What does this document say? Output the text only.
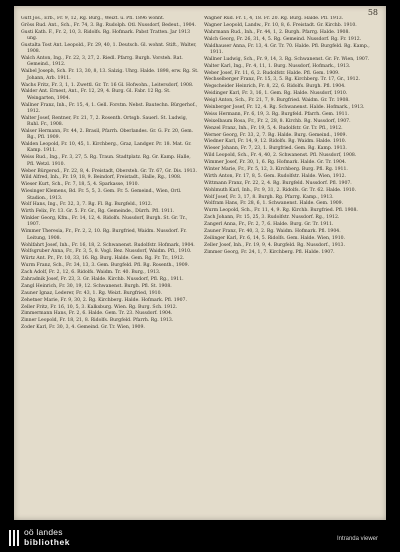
58

Gutt Jos., Erb., Fr. 9, 12, Rg. Burg., Weizt. u. Pfl. 1896 wohnt.

Gröss Rud. Ant., Sch., Fr. 74, 3. Rg. Rudolph. Otl. Nussdorf, Bedeut., 1904.

Gusti Kath. F., Fr. 2, 10, 3. Ridolfs. Rg. Hofmark. Pabst Tratten. Jar 1913 ung.

Gustalta Tost Ant. Leopold., Fr. 29, 40, 1. Deutsch. Gl. wohnt. Stift., Walter, 1908.

Walch Anton, Ing., Fr. 22, 3, 27, 2. Riedl. Pfarrg. Burgh. Vorsteh. Rat. Gemeind., 1912.

Waibel Joseph, Sch. Fr. 13, 30, 8, 13. Salzig. Uhrg. Halde. 1898, erw. Rg. St. Johann, Arb. 1911.

Wachs Fritz, Fr. 3, 1, 1. Zwettl. Gr. Tr. 16 Gl. Hofwohn., Leitersdorf, 1908.

Walder Ant. Ernest, Ant., Fr. 12, 29, 4. Burg. Gl. Fabr. 12 Rg. St. Weingarten, 1904.

Wallner Franz, Inh., Fr. 15, 4, 1. Gell. Forstm. Nebst. Bautechn. Bürgerhof., 1912.

Walter Josef, Rentner, Fr. 21, 7, 2. Rosenth. Ortsgb. Sauerl. St. Ludwig, Ruhl. Fr., 1908.

Walser Hermann, Fr. 44, 2. Brasil, Pfarrh. Oberlandes. Gr. G. Fr. 20, Gem. Rg., Pfl. 1909.

Walden Leopold, Fr. 10, 45, 1. Kirchberg., Graz, Landger. Pr. 18. Mat. Gr. Kamp. 1911.

Weiss Rud., Ing., Fr. 3, 27, 5. Rg. Traun. Stadtplatz. Rg. Gr. Kamp. Halle, Pfl. Wetzl. 1910.

Weber Bürgersd., Fr. 22, 8, 4. Freistadt, Obersteh. Gr. Tr. 67, Gr. Dis. 1913.

Wild Alfred, Inh., Fr. 19, 18, 9. Beindorf, Freistadt., Halle, Rg., 1908.

Wieser Kurt, Sch., Fr. 7, 18, 5, 4. Sparkasse, 1910.

Wiesinger Klemens, Bd. Fr. 5, 5, 3. Gem. Fr. 5. Gemeind., Wien, Ortl. Stadion., 1913.

Wolf Hans, Ing., Fr. 32, 3, 7. Rg. Fl. Rg. Burgfeld., 1912.

Wirth Felix, Fr. 13. Gr. 5. Fr. Gr., Rg. Gemeinde., Dürrh. Pfl. 1911.

Winkler Georg, Kfm., Fr. 14, 12, 4. Ridolfs. Nussdorf, Burgh. St. Gr. Tr., 1907.

Wimmer Theresia, Fr., Fr. 2, 2, 10. Rg. Burgfried, Waidm. Nussdorf. Fr. Leitung, 1908.

Wohlfahrt Josef, Inh., Fr. 16, 18, 2. Schwanenst. Rudolfstr. Hofmark, 1904.

Wolfsgruber Anna, Fr., Fr. 3, 5, 8. Vogl. Bez. Nussdorf, Waidm. Pfl., 1910.

Würtz Ant. Pr., Fr. 10, 33, 16. Rg. Burg. Halde. Gem. Rg. Fr. Tr., 1912.

Wurm Franz, Sch., Fr. 34, 13, 3. Gem. Burgfeld. Pfl. Rg. Rosenth., 1909.

Zach Adolf, Fr. 2, 12, 6. Ridolfs. Waidm. Tr. 40. Burg., 1913.

Zahradnik Josef, Fr. 23, 3. Gr. Halde. Kirchb. Nussdorf, Pfl. Rg., 1911.

Zangl Heinrich, Fr. 30, 19, 12. Schwanenst. Burgh. Pfl. St. 1908.

Zauner Ignaz, Lederer, Fr. 43, 1. Rg. Weizt. Burgfried, 1910.

Zehetner Marie, Fr. 9, 30, 2. Rg. Kirchberg. Halde. Hofmark. Pfl. 1907.

Zeller Fritz, Fr. 16, 10, 5, 3. Kalksburg. Wien. Rg. Burg. Sch. 1912.

Zimmermann Hans, Fr. 2, 6. Halde. Gem. Tr. 23. Nussdorf. 1904.

Zinner Leopold, Fr. 18, 21, 8. Ridolfs. Burgfeld. Pfarrh. Rg. 1913.

Zoder Karl, Fr. 30, 3, 4. Gemeind. Gr. Tr. Wien, 1909.

Wagner Rud. Fr. 1, 4, 18. Fr. 20. Rg. Burg. Halde. Pfl. 1913.

Wagner Leopold, Landw., Fr. 10, 8, 6. Freistadt. Gr. Kirchb. 1910.

Wahrmann Rud., Inh., Fr. 44, 1, 2. Burgh. Pfarrg. Halde. 1908.

Walch Georg, Fr. 26, 31, 4, 5. Rg. Gemeind. Nussdorf. Rg. Fr. 1912.

Waldhauser Anna, Fr. 13, 4. Gr. Tr. 70. Halde. Pfl. Burgfeld. Rg. Kamp., 1911.

Wallner Ludwig, Sch., Fr. 9, 14, 3. Rg. Schwanenst. Gr. Fr. Wien, 1907.

Walter Karl, Ing., Fr. 4, 11, 1. Burg. Nussdorf, Hofmark., 1913.

Weber Josef, Fr. 11, 6, 2. Rudolfstr. Halde. Pfl. Gem. 1909.

Wechselberger Franz, Fr. 15, 3, 5. Rg. Kirchberg. Tr. 17, Gr., 1912.

Wegscheider Heinrich, Fr. 8, 22, 6. Ridolfs. Burgh. Pfl. 1904.

Weidinger Karl, Fr. 3, 16, 1. Gem. Rg. Halde. Nussdorf, 1910.

Weigl Anton, Sch., Fr. 21, 7, 9. Burgfried. Waidm. Gr. Tr. 1908.

Weinberger Josef, Fr. 12, 4. Rg. Schwanenst. Halde. Hofmark., 1913.

Weiss Hermann, Fr. 6, 19, 3. Rg. Burgfeld. Pfarrh. Gem. 1911.

Weixelbaum Rosa, Fr., Fr. 2, 28, 8. Kirchb. Rg. Nussdorf, 1907.

Wenzel Franz, Inh., Fr. 19, 5, 4. Rudolfstr. Gr. Tr. Pfl., 1912.

Werner Georg, Fr. 33, 2, 7. Rg. Halde. Burg. Gemeind., 1909.

Wiedner Karl, Fr. 14, 9, 12. Ridolfs. Rg. Waidm. Halde. 1910.

Wieser Johann, Fr. 7, 23, 1. Burgfried. Gem. Rg. Kamp. 1913.

Wild Leopold, Sch., Fr. 4, 40, 2. Schwanenst. Pfl. Nussdorf, 1908.

Wimmer Josef, Fr. 30, 1, 6. Rg. Hofmark. Halde. Gr. Tr. 1904.

Winter Marie, Fr., Fr. 5, 12, 3. Kirchberg. Burg. Pfl. Rg. 1911.

Wirth Anton, Fr. 17, 8, 5. Gem. Rudolfstr. Halde. Wien, 1912.

Wittmann Franz, Fr. 22, 2, 4. Rg. Burgfeld. Nussdorf. Pfl. 1907.

Wohlmuth Karl, Inh., Fr. 9, 31, 2. Ridolfs. Gr. Tr. 62. Halde. 1910.

Wolf Josef, Fr. 3, 17, 8. Burgh. Rg. Pfarrg. Kamp., 1913.

Wolfram Hans, Fr. 28, 6, 1. Schwanenst. Halde. Gem. 1909.

Wurm Leopold, Sch., Fr. 11, 4, 9. Rg. Kirchb. Burgfried. Pfl. 1908.

Zach Johann, Fr. 15, 25, 3. Rudolfstr. Nussdorf. Rg., 1912.

Zangerl Anna, Fr., Fr. 2, 7, 6. Halde. Burg. Gr. Tr. 1911.

Zauner Franz, Fr. 40, 3, 2. Rg. Waidm. Hofmark. Pfl. 1904.

Zeilinger Karl, Fr. 6, 14, 5. Ridolfs. Gem. Halde. Wien, 1910.

Zeller Josef, Inh., Fr. 19, 9, 4. Burgfeld. Rg. Nussdorf., 1913.

Zimmer Georg, Fr. 24, 1, 7. Kirchberg. Pfl. Halde. 1907.

oö landes
bibliothek	Intranda viewer
